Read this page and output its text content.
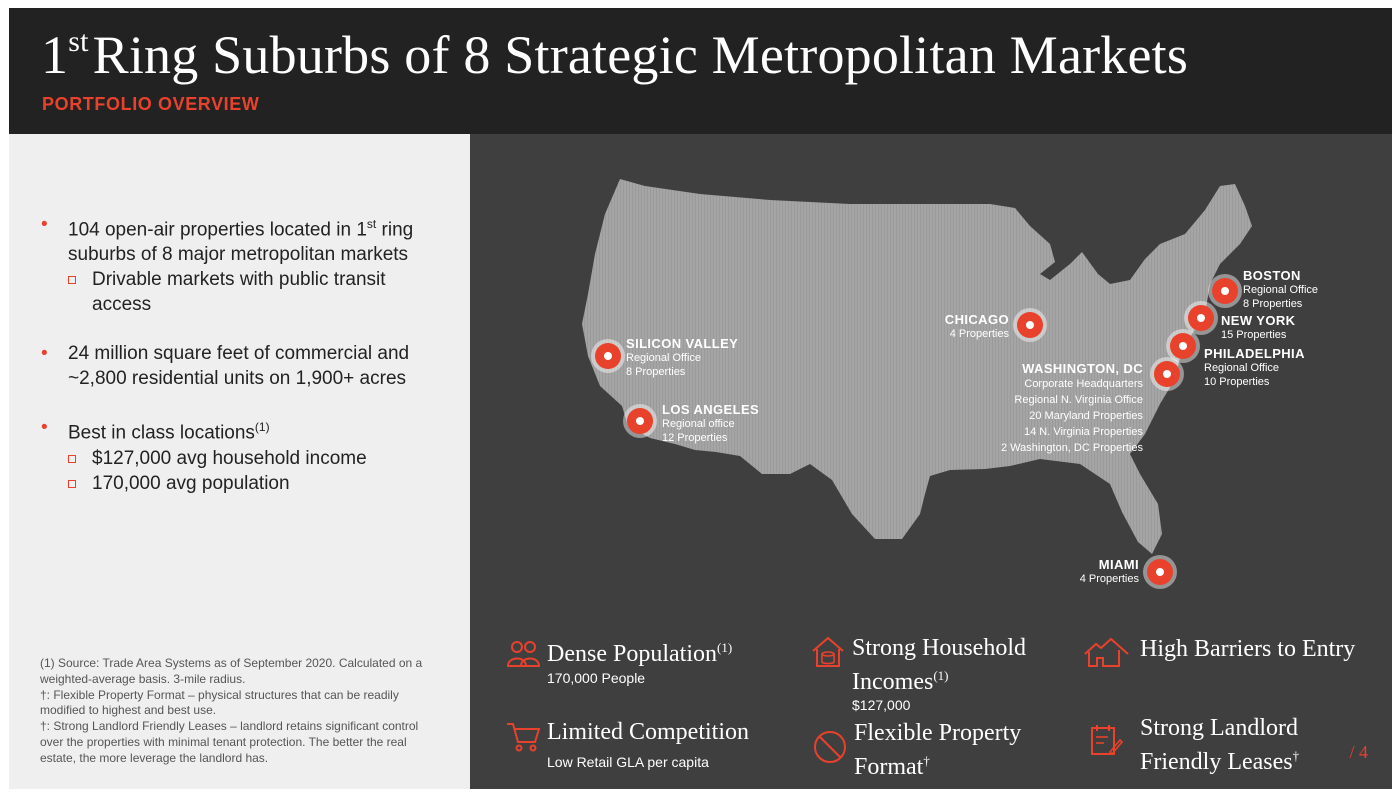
1stRing Suburbs of 8 Strategic Metropolitan Markets
PORTFOLIO OVERVIEW
• 104 open-air properties located in 1st ring suburbs of 8 major metropolitan markets
Drivable markets with public transit access
• 24 million square feet of commercial and ~2,800 residential units on 1,900+ acres
• Best in class locations$^{(1)}$
$127,000 avg household income
170,000 avg population
(1) Source: Trade Area Systems as of September 2020. Calculated on a weighted-average basis. 3-mile radius.
†: Flexible Property Format – physical structures that can be readily modified to highest and best use.
†: Strong Landlord Friendly Leases – landlord retains significant control over the properties with minimal tenant protection. The better the real estate, the more leverage the landlord has.
SILICON VALLEY
Regional Office
8 Properties
LOS ANGELES
Regional office
12 Properties
CHICAGO
4 Properties
BOSTON
Regional Office
8 Properties
NEW YORK
15 Properties
PHILADELPHIA
Regional Office
10 Properties
WASHINGTON, DC
Corporate Headquarters
Regional N. Virginia Office
20 Maryland Properties
14 N. Virginia Properties
2 Washington, DC Properties
MIAMI
4 Properties
Dense Population$^{(1)}$
170,000 People
Strong Household
Incomes$^{(1)}$
$127,000
High Barriers to Entry
Limited Competition
Low Retail GLA per capita
Flexible Property
Format†
Strong Landlord
Friendly Leases†	/ 4
